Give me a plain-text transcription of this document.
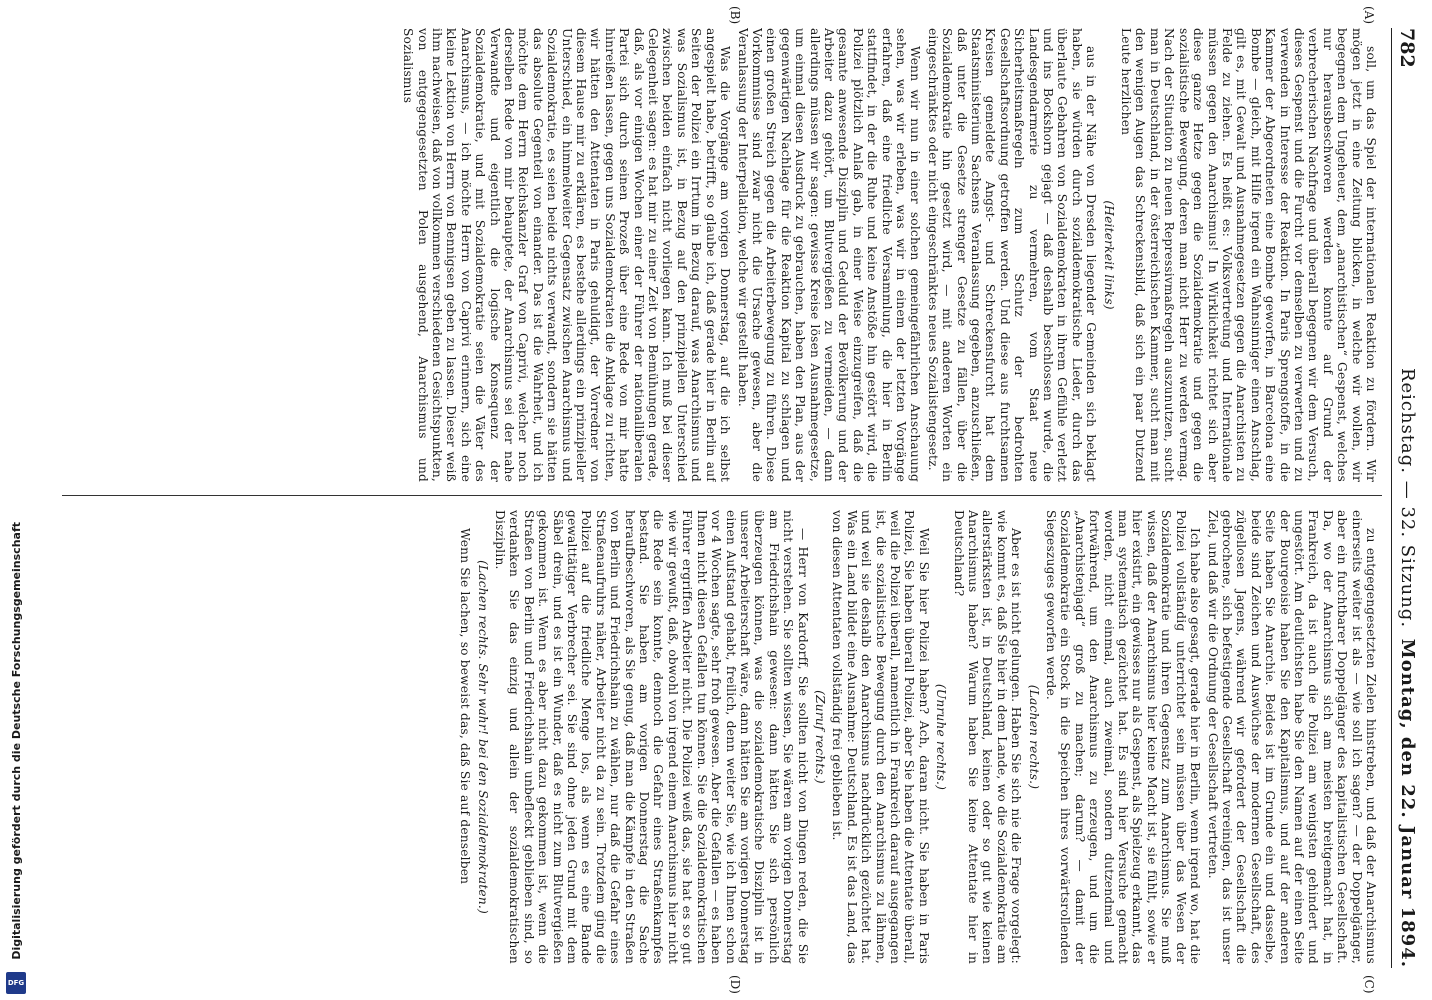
Digitalisierung gefördert durch die Deutsche Forschungsgemeinschaft
DFG
782
Reichstag. — 32. Sitzung.
Montag, den 22. Januar 1894.
(A)
(B)
(C)
(D)

soll, um das Spiel der internationalen Reaktion zu fördern. Wir mögen jetzt in eine Zeitung blicken, in welche wir wollen, wir begegnen dem Ungeheuer, dem „anarchistischen“ Gespenst, welches nur herausbeschworen werden konnte auf Grund der verbrecherischen Nachfrage und überall begegnen wir dem Versuch, dieses Gespenst und die Furcht vor demselben zu verwerten und zu verwenden in Interesse der Reaktion. In Paris Sprengstoffe, in die Kammer der Abgeordneten eine Bombe geworfen, in Barcelona eine Bombe — gleich, mit Hilfe irgend ein Wahnsinniger einen Anschlag, gilt es, mit Gewalt und Ausnahmegesetzen gegen die Anarchisten zu Felde zu ziehen. Es heißt es: Volksvertretung und Internationale müssen gegen den Anarchismus! In Wirklichkeit richtet sich aber diese ganze Hetze gegen die Sozialdemokratie und gegen die sozialistische Bewegung, deren man nicht Herr zu werden vermag. Nach der Situation zu neuen Repressivmaßregeln auszunutzen, sucht man in Deutschland, in der österreichischen Kammer, sucht man mit den wenigen Augen das Schreckensbild, daß sich ein paar Dutzend Leute herzlichen

(Heiterkeit links)

aus in der Nähe von Dresden liegender Gemeinden sich beklagt haben, sie würden durch sozialdemokratische Lieder, durch das überlaute Gebahren von Sozialdemokraten in ihrem Gefühle verletzt und ins Bockshorn gejagt — daß deshalb beschlossen wurde, die Landesgendarmerie zu vermehren, vom Staat neue Sicherheitsmaßregeln zum Schutz der bedrohten Gesellschaftsordnung getroffen werden. Und diese aus furchtsamen Kreisen gemeldete Angst- und Schreckensfurcht hat dem Staatsministerium Sachsens Veranlassung gegeben, anzuschließen, daß unter die Gesetze strenger Gesetze zu fällen, über die Sozialdemokratie hin gesetzt wird, — mit anderen Worten ein eingeschränktes oder nicht eingeschränktes neues Sozialistengesetz.

Wenn wir nun in einer solchen gemeingefährlichen Anschauung sehen, was wir erleben, was wir in einem der letzten Vorgänge erfahren, daß eine friedliche Versammlung, die hier in Berlin stattfindet, in der die Ruhe und keine Anstöße hin gestört wird, die Polizei plötzlich Anlaß gab, in einer Weise einzugreifen, daß die gesamte anwesende Disziplin und Geduld der Bevölkerung und der Arbeiter dazu gehört, um Blutvergießen zu vermeiden, — dann allerdings müssen wir sagen: gewisse Kreise lösen Ausnahmegesetze, um einmal diesen Ausdruck zu gebrauchen, haben den Plan, aus der gegenwärtigen Nachlage für die Reaktion Kapital zu schlagen und einen großen Streich gegen die Arbeiterbewegung zu führen. Diese Vorkommnisse sind zwar nicht die Ursache gewesen, aber die Veranlassung der Interpellation, welche wir gestellt haben.

Was die Vorgänge am vorigen Donnerstag, auf die ich selbst angespielt habe, betrifft, so glaube ich, daß gerade hier in Berlin auf Seiten der Polizei ein Irrtum in Bezug darauf, was Anarchismus und was Sozialismus ist, in Bezug auf den prinzipiellen Unterschied zwischen beiden einfach nicht vorliegen kann. Ich muß bei dieser Gelegenheit sagen: es hat mir zu einer Zeit von Bemühungen gerade, daß, als vor einigen Wochen einer der Führer der nationalliberalen Partei sich durch seinen Prozeß über eine Rede von mir hatte hinreißen lassen, gegen uns Sozialdemokraten die Anklage zu richten, wir hätten den Attentaten in Paris gehuldigt, der Vorredner von diesem Hause mir zu erklären, es bestehe allerdings ein prinzipieller Unterschied, ein himmelweiter Gegensatz zwischen Anarchismus und Sozialdemokratie, es seien beide nichts verwandt, sondern sie hätten das absolute Gegenteil von einander. Das ist die Wahrheit, und ich möchte dem Herrn Reichskanzler Graf von Caprivi, welcher noch derselben Rede von mir behauptete, der Anarchismus sei der nahe Verwandte und eigentlich die logische Konsequenz der Sozialdemokratie, und mit Sozialdemokratie seien die Väter des Anarchismus, — ich möchte Herrn von Caprivi erinnern, sich eine kleine Lektion von Herrn von Bennigsen geben zu lassen. Dieser weiß ihm nachweisen, daß von vollkommen verschiedenen Gesichtspunkten, von entgegengesetzten Polen ausgehend, Anarchismus und Sozialismus

zu entgegengesetzten Zielen hinstreben, und daß der Anarchismus einerseits weiter ist als — wie soll ich sagen? — der Doppelgänger, aber ein furchtbarer Doppelgänger des kapitalistischen Gesellschaft. Da, wo der Anarchismus sich am meisten breitgemacht hat, in Frankreich, da ist auch die Polizei am wenigsten gehindert und ungestört. Am deutlichsten habe Sie den Namen auf der einen Seite der Bourgeoisie haben Sie den Kapitalismus, und auf der anderen Seite haben Sie Anarchie. Beides ist im Grunde ein und dasselbe, beide sind Zeichen und Auswüchse der modernen Gesellschaft, des zügellosen Jagens, während wir gefordert der Gesellschaft die gebrochene, sich befestigende Gesellschaft vereinigen, das ist unser Ziel, und daß wir die Ordnung der Gesellschaft vertreten.

Ich habe also gesagt, gerade hier in Berlin, wenn irgend wo, hat die Polizei vollständig unterrichtet sein müssen über das Wesen der Sozialdemokratie und ihren Gegensatz zum Anarchismus. Sie muß wissen, daß der Anarchismus hier keine Macht ist, sie fühlt, sowie er hier existirt, ein gewisses nur als Gespenst, als Spielzeug erkannt, das man systematisch gezüchtet hat. Es sind hier Versuche gemacht worden, nicht einmal, auch zweimal, sondern dutzendmal und fortwährend, um den Anarchismus zu erzeugen, und um die „Anarchistenjagd“ groß zu machen; darum? — damit der Sozialdemokratie ein Stock in die Speichen ihres vorwärtsrollenden Siegeszuges geworfen werde.

(Lachen rechts.)

Aber es ist nicht gelungen. Haben Sie sich nie die Frage vorgelegt: wie kommt es, daß Sie hier in dem Lande, wo die Sozialdemokratie am allerstärksten ist, in Deutschland, keinen oder so gut wie keinen Anarchismus haben? Warum haben Sie keine Attentate hier in Deutschland?

(Unruhe rechts.)

Weil Sie hier Polizei haben? Ach, daran nicht. Sie haben in Paris Polizei, Sie haben überall Polizei, aber Sie haben die Attentate überall, weil die Polizei überall, namentlich in Frankreich darauf ausgegangen ist, die sozialistische Bewegung durch den Anarchismus zu lähmen, und weil sie deshalb den Anarchismus nachdrücklich gezüchtet hat. Was ein Land bildet eine Ausnahme: Deutschland. Es ist das Land, das von diesen Attentaten vollständig frei geblieben ist.

(Zuruf rechts.)

— Herr von Kardorff, Sie sollten nicht von Dingen reden, die Sie nicht verstehen. Sie sollten wissen, Sie wären am vorigen Donnerstag am Friedrichshain gewesen: dann hätten Sie sich persönlich überzeugen können, was die sozialdemokratische Disziplin ist in unserer Arbeiterschaft wäre, dann hätten Sie am vorigen Donnerstag einen Aufstand gehabt, freilich, denn weiter Sie, wie ich Ihnen schon vor 4 Wochen sagte, sehr froh gewesen. Aber die Gefallen — es haben Ihnen nicht diesen Gefallen tun können. Sie die Sozialdemokratischen Führer ergriffen Arbeiter nicht. Die Polizei weiß das, sie hat es so gut wie wir gewußt, daß, obwohl von irgend einem Anarchismus hier nicht die Rede sein konnte, dennoch die Gefahr eines Straßenkampfes bestand. Sie haben am vorigen Donnerstag die Sache heraufbeschworen, als Sie genug, daß man die Kämpfe in den Straßen von Berlin und Friedrichshain zu wählen, nur daß die Gefahr eines Straßenaufruhrs näher, Arbeiter nicht da zu sein. Trotzdem ging die Polizei auf die friedliche Menge los, als wenn es eine Bande gewalttätiger Verbrecher sei. Sie sind ohne jeden Grund mit dem Säbel drein, und es ist ein Wunder, daß es nicht zum Blutvergießen gekommen ist. Wenn es aber nicht dazu gekommen ist, wenn die Straßen von Berlin und Friedrichshain unbefleckt geblieben sind, so verdanken Sie das einzig und allein der sozialdemokratischen Disziplin.

(Lachen rechts. Sehr wahr! bei den Sozialdemokraten.)

Wenn Sie lachen, so beweist das, daß Sie auf denselben
